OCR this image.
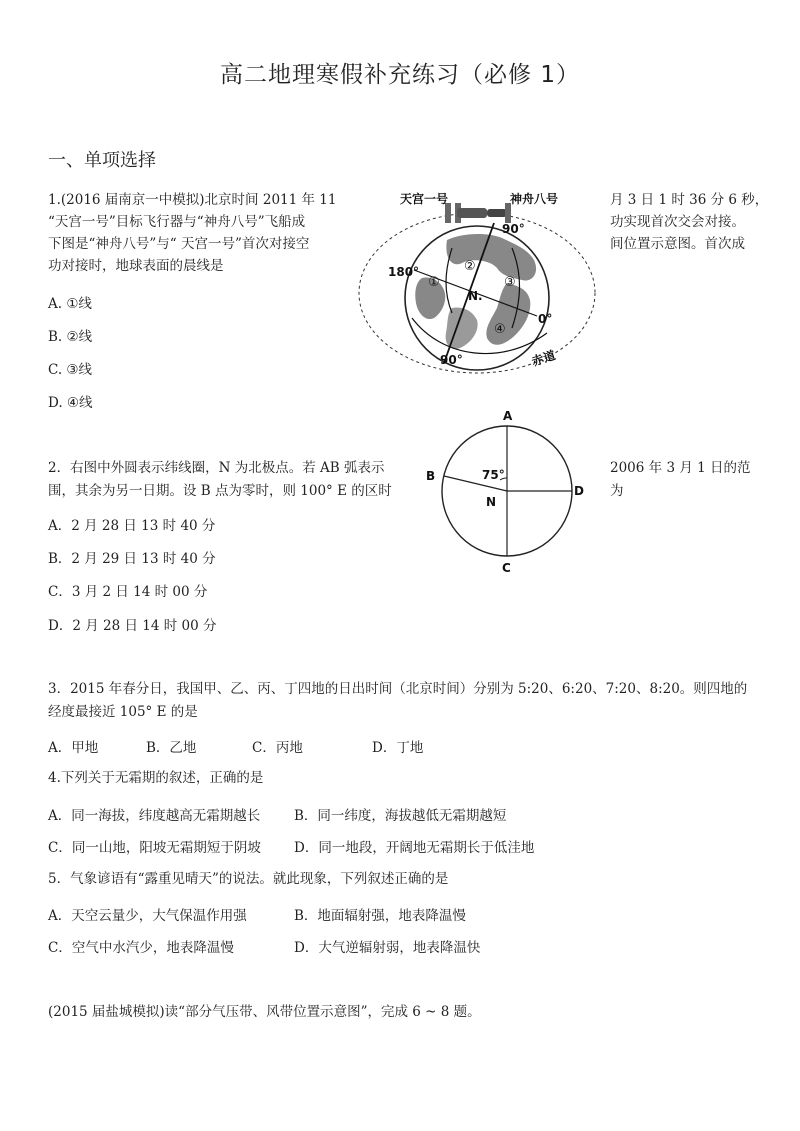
高二地理寒假补充练习（必修 1）
一、单项选择
1.(2016 届南京一中模拟)北京时间 2011 年 11	月 3 日 1 时 36 分 6 秒，
“天宫一号”目标飞行器与“神舟八号”飞船成	功实现首次交会对接。
下图是“神舟八号”与“ 天宫一号”首次对接空	间位置示意图。首次成
功对接时，地球表面的晨线是
A. ①线
B. ②线
C. ③线
D. ④线
天宫一号	神舟八号
90°
180°
0°
90°
N.
赤道
①
②
③
④
2．右图中外圆表示纬线圈，N 为北极点。若 AB 弧表示	2006 年 3 月 1 日的范
围，其余为另一日期。设 B 点为零时，则 100° E 的区时	为
A．2 月 28 日 13 时 40 分
B．2 月 29 日 13 时 40 分
C．3 月 2 日 14 时 00 分
D．2 月 28 日 14 时 00 分
A
B
C
D
N
75°
3．2015 年春分日，我国甲、乙、丙、丁四地的日出时间（北京时间）分别为 5:20、6:20、7:20、8:20。则四地的
经度最接近 105° E 的是
A．甲地	B．乙地	C．丙地	D．丁地
4.下列关于无霜期的叙述，正确的是
A．同一海拔，纬度越高无霜期越长	B．同一纬度，海拔越低无霜期越短
C．同一山地，阳坡无霜期短于阴坡 D．同一地段，开阔地无霜期长于低洼地
5．气象谚语有“露重见晴天”的说法。就此现象，下列叙述正确的是
A．天空云量少，大气保温作用强	B．地面辐射强，地表降温慢
C．空气中水汽少，地表降温慢	D．大气逆辐射弱，地表降温快
(2015 届盐城模拟)读“部分气压带、风带位置示意图”，完成 6 ~ 8 题。
